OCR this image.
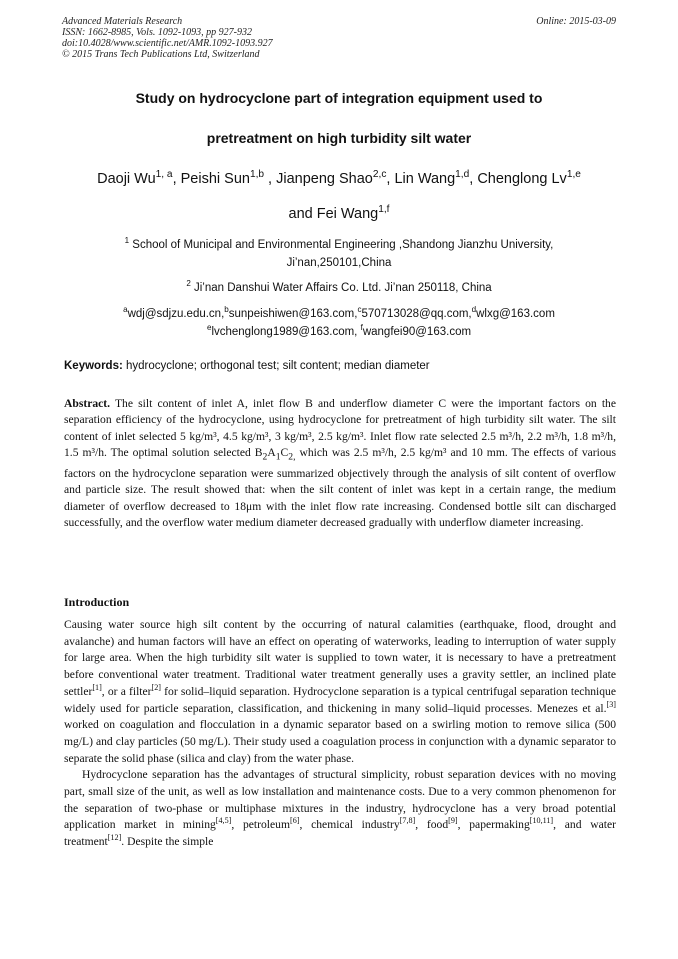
Advanced Materials Research
ISSN: 1662-8985, Vols. 1092-1093, pp 927-932
doi:10.4028/www.scientific.net/AMR.1092-1093.927
© 2015 Trans Tech Publications Ltd, Switzerland
Online: 2015-03-09
Study on hydrocyclone part of integration equipment used to
pretreatment on high turbidity silt water
Daoji Wu$^{1, a}$, Peishi Sun$^{1,b}$ , Jianpeng Shao$^{2,c}$, Lin Wang$^{1,d}$, Chenglong Lv$^{1,e}$
and Fei Wang$^{1,f}$
$^1$ School of Municipal and Environmental Engineering ,Shandong Jianzhu University,
Ji’nan,250101,China
$^2$ Ji’nan Danshui Water Affairs Co. Ltd. Ji’nan 250118, China
$^a$wdj@sdjzu.edu.cn,$^b$sunpeishiwen@163.com,$^c$570713028@qq.com,$^d$wlxg@163.com
$^e$lvchenglong1989@163.com, $^f$wangfei90@163.com
Keywords: hydrocyclone; orthogonal test; silt content; median diameter
Abstract. The silt content of inlet A, inlet flow B and underflow diameter C were the important factors on the separation efficiency of the hydrocyclone, using hydrocyclone for pretreatment of high turbidity silt water. The silt content of inlet selected 5 kg/m³, 4.5 kg/m³, 3 kg/m³, 2.5 kg/m³. Inlet flow rate selected 2.5 m³/h, 2.2 m³/h, 1.8 m³/h, 1.5 m³/h. The optimal solution selected $B_2A_1C_{2,}$ which was 2.5 m³/h, 2.5 kg/m³ and 10 mm. The effects of various factors on the hydrocyclone separation were summarized objectively through the analysis of silt content of overflow and particle size. The result showed that: when the silt content of inlet was kept in a certain range, the medium diameter of overflow decreased to 18μm with the inlet flow rate increasing. Condensed bottle silt can discharged successfully, and the overflow water medium diameter decreased gradually with underflow diameter increasing.
Introduction

Causing water source high silt content by the occurring of natural calamities (earthquake, flood, drought and avalanche) and human factors will have an effect on operating of waterworks, leading to interruption of water supply for large area. When the high turbidity silt water is supplied to town water, it is necessary to have a pretreatment before conventional water treatment. Traditional water treatment generally uses a gravity settler, an inclined plate settler[1], or a filter[2] for solid–liquid separation. Hydrocyclone separation is a typical centrifugal separation technique widely used for particle separation, classification, and thickening in many solid–liquid processes. Menezes et al.[3] worked on coagulation and flocculation in a dynamic separator based on a swirling motion to remove silica (500 mg/L) and clay particles (50 mg/L). Their study used a coagulation process in conjunction with a dynamic separator to separate the solid phase (silica and clay) from the water phase.

Hydrocyclone separation has the advantages of structural simplicity, robust separation devices with no moving part, small size of the unit, as well as low installation and maintenance costs. Due to a very common phenomenon for the separation of two-phase or multiphase mixtures in the industry, hydrocyclone has a very broad potential application market in mining[4,5], petroleum[6], chemical industry[7,8], food[9], papermaking[10,11], and water treatment[12]. Despite the simple
